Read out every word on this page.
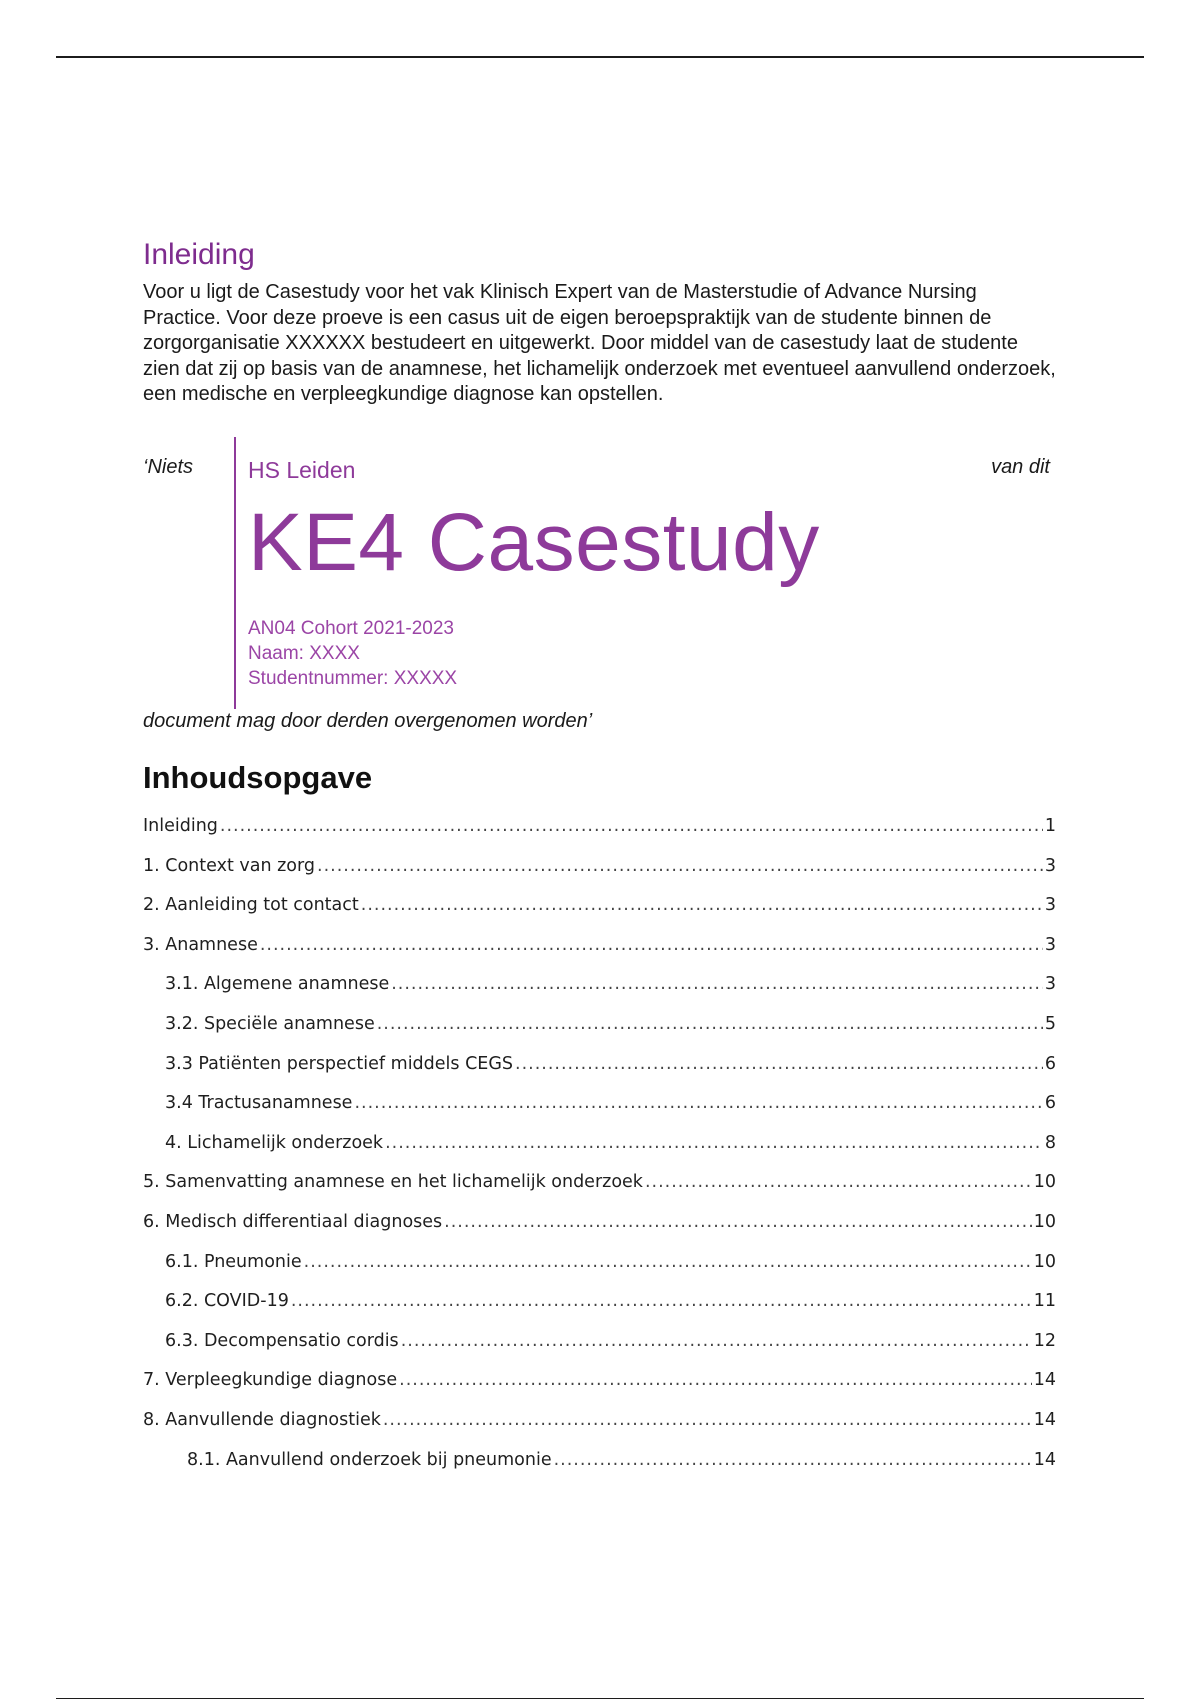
Inleiding

Voor u ligt de Casestudy voor het vak Klinisch Expert van de Masterstudie of Advance Nursing Practice. Voor deze proeve is een casus uit de eigen beroepspraktijk van de studente binnen de zorgorganisatie XXXXXX bestudeert en uitgewerkt. Door middel van de casestudy laat de studente zien dat zij op basis van de anamnese, het lichamelijk onderzoek met eventueel aanvullend onderzoek, een medische en verpleegkundige diagnose kan opstellen.

‘Niets	van dit
HS Leiden
KE4 Casestudy
AN04 Cohort 2021-2023
Naam: XXXX
Studentnummer: XXXXX
document mag door derden overgenomen worden’
Inhoudsopgave
Inleiding .....	1
1. Context van zorg .....	3
2. Aanleiding tot contact .....	3
3. Anamnese .....	3
3.1. Algemene anamnese .....	3
3.2. Speciële anamnese .....	5
3.3 Patiënten perspectief middels CEGS .....	6
3.4 Tractusanamnese .....	6
4. Lichamelijk onderzoek .....	8
5. Samenvatting anamnese en het lichamelijk onderzoek .....	10
6. Medisch differentiaal diagnoses .....	10
6.1. Pneumonie .....	10
6.2. COVID-19 .....	11
6.3. Decompensatio cordis .....	12
7. Verpleegkundige diagnose .....	14
8. Aanvullende diagnostiek .....	14
8.1. Aanvullend onderzoek bij pneumonie .....	14
